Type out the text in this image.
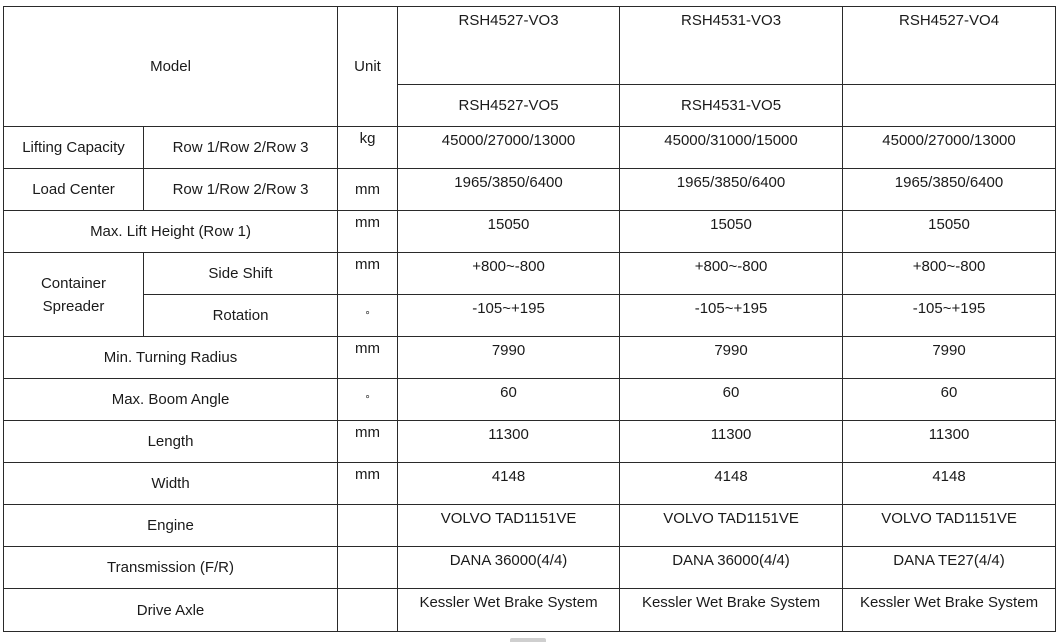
Model		Unit	RSH4527-VO3	RSH4531-VO3	RSH4527-VO4
			RSH4527-VO5	RSH4531-VO5	
Lifting Capacity	Row 1/Row 2/Row 3	kg	45000/27000/13000	45000/31000/15000	45000/27000/13000
Load Center	Row 1/Row 2/Row 3	mm	1965/3850/6400	1965/3850/6400	1965/3850/6400
Max. Lift Height (Row 1)		mm	15050	15050	15050

Container
Spreader	Side Shift	mm	+800~-800	+800~-800	+800~-800
	Rotation	°	-105~+195	-105~+195	-105~+195
Min. Turning Radius		mm	7990	7990	7990
Max. Boom Angle		°	60	60	60
Length		mm	11300	11300	11300
Width		mm	4148	4148	4148
Engine			VOLVO TAD1151VE	VOLVO TAD1151VE	VOLVO TAD1151VE
Transmission (F/R)			DANA 36000(4/4)	DANA 36000(4/4)	DANA TE27(4/4)
Drive Axle			Kessler Wet Brake System	Kessler Wet Brake System	Kessler Wet Brake System
